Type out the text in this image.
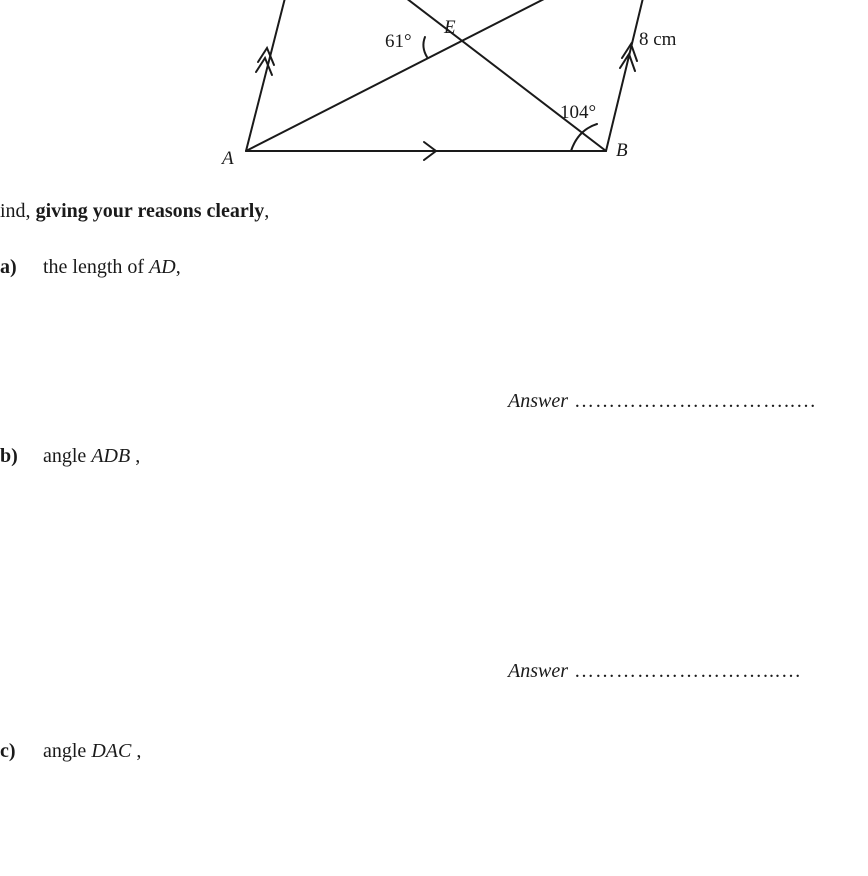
61°
E
8 cm
104°
A	B
ind, giving your reasons clearly,
a) the length of AD,
Answer …………………………..…
b) angle ADB ,
Answer ………………………...…
c) angle DAC ,
